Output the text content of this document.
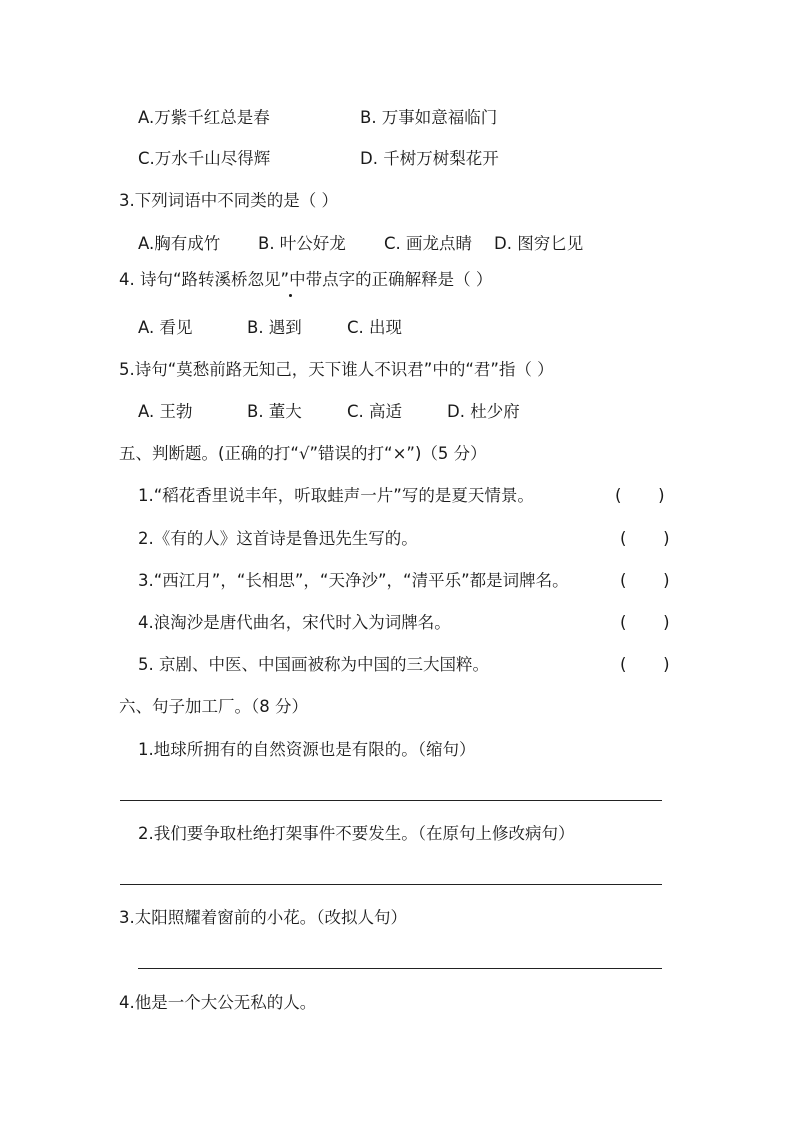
A.万紫千红总是春	B. 万事如意福临门
C.万水千山尽得辉	D. 千树万树梨花开
3.下列词语中不同类的是（ ）
A.胸有成竹 B. 叶公好龙 C. 画龙点睛 D. 图穷匕见
4. 诗句“路转溪桥忽见”中带点字的正确解释是（ ）
A. 看见	B. 遇到	C. 出现
5.诗句“莫愁前路无知己，天下谁人不识君”中的“君”指（ ）
A. 王勃	B. 董大	C. 高适	D. 杜少府
五、判断题。(正确的打“√”错误的打“×”)（5 分）
1.“稻花香里说丰年，听取蛙声一片”写的是夏天情景。	(       )
2.《有的人》这首诗是鲁迅先生写的。	(       )
3.“西江月”，“长相思”，“天净沙”，“清平乐”都是词牌名。	(       )
4.浪淘沙是唐代曲名，宋代时入为词牌名。	(       )
5. 京剧、中医、中国画被称为中国的三大国粹。	(       )
六、句子加工厂。（8 分）
1.地球所拥有的自然资源也是有限的。（缩句）
2.我们要争取杜绝打架事件不要发生。（在原句上修改病句）
3.太阳照耀着窗前的小花。（改拟人句）
4.他是一个大公无私的人。
